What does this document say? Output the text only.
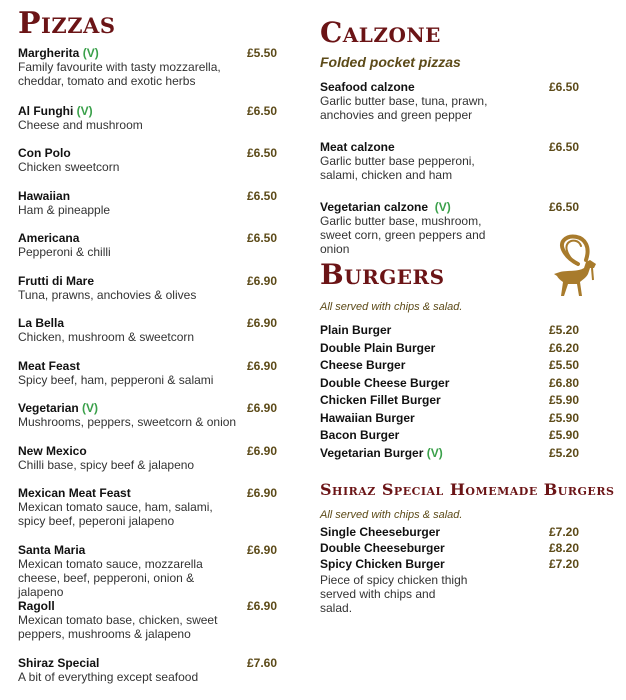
Pizzas
Margherita (V)
Family favourite with tasty mozzarella, cheddar, tomato and exotic herbs
£5.50
Al Funghi (V)
Cheese and mushroom
£6.50
Con Polo
Chicken sweetcorn
£6.50
Hawaiian
Ham & pineapple
£6.50
Americana
Pepperoni & chilli
£6.50
Frutti di Mare
Tuna, prawns, anchovies & olives
£6.90
La Bella
Chicken, mushroom & sweetcorn
£6.90
Meat Feast
Spicy beef, ham, pepperoni & salami
£6.90
Vegetarian (V)
Mushrooms, peppers, sweetcorn & onion
£6.90
New Mexico
Chilli base, spicy beef & jalapeno
£6.90
Mexican Meat Feast
Mexican tomato sauce, ham, salami, spicy beef, peperoni jalapeno
£6.90
Santa Maria
Mexican tomato sauce, mozzarella cheese, beef, pepperoni, onion & jalapeno
£6.90
Ragoll
Mexican tomato base, chicken, sweet peppers, mushrooms & jalapeno
£6.90
Shiraz Special
A bit of everything except seafood
£7.60
Calzone

Folded pocket pizzas

Seafood calzone
Garlic butter base, tuna, prawn, anchovies and green pepper
£6.50
Meat calzone
Garlic butter base pepperoni, salami, chicken and ham
£6.50
Vegetarian calzone (V)
Garlic butter base, mushroom, sweet corn, green peppers and onion
£6.50
Burgers

All served with chips & salad.

Plain Burger	£5.20
Double Plain Burger	£6.20
Cheese Burger	£5.50
Double Cheese Burger	£6.80
Chicken Fillet Burger	£5.90
Hawaiian Burger	£5.90
Bacon Burger	£5.90
Vegetarian Burger (V)	£5.20
Shiraz Special Homemade Burgers

All served with chips & salad.

Single Cheeseburger	£7.20
Double Cheeseburger	£8.20
Spicy Chicken Burger	£7.20
Piece of spicy chicken thigh served with chips and salad.
